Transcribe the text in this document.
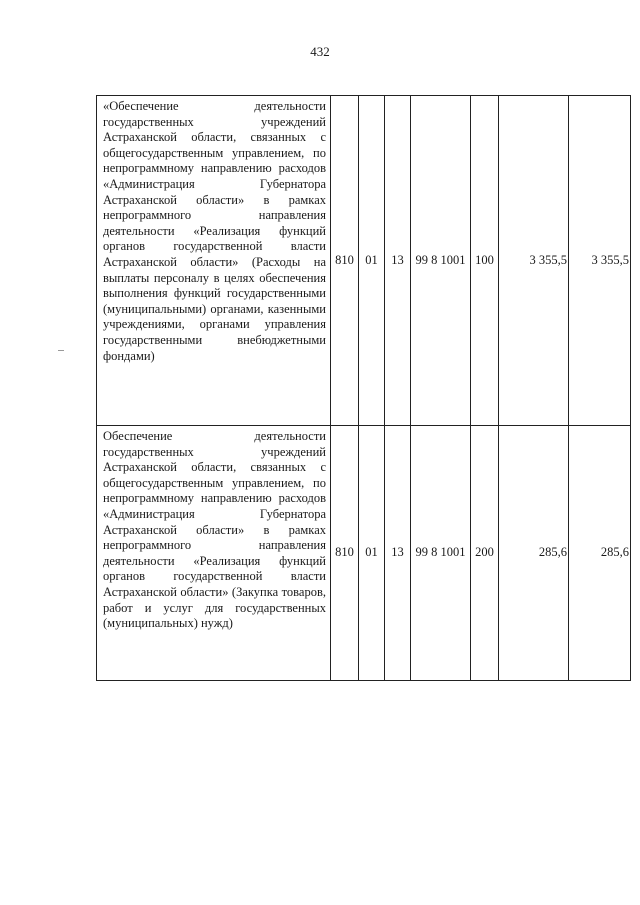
432
«Обеспечение деятельности государственных учреждений Астраханской области, связанных с общегосударственным управлением, по непрограммному направлению расходов «Администрация Губернатора Астраханской области» в рамках непрограммного направления деятельности «Реализация функций органов государственной власти Астраханской области» (Расходы на выплаты персоналу в целях обеспечения выполнения функций государственными (муниципальными) органами, казенными учреждениями, органами управления государственными внебюджетными фондами)	810	01	13	99 8 1001	100	3 355,5	3 355,5
Обеспечение деятельности государственных учреждений Астраханской области, связанных с общегосударственным управлением, по непрограммному направлению расходов «Администрация Губернатора Астраханской области» в рамках непрограммного направления деятельности «Реализация функций органов государственной власти Астраханской области» (Закупка товаров, работ и услуг для государственных (муниципальных) нужд)	810	01	13	99 8 1001	200	285,6	285,6
